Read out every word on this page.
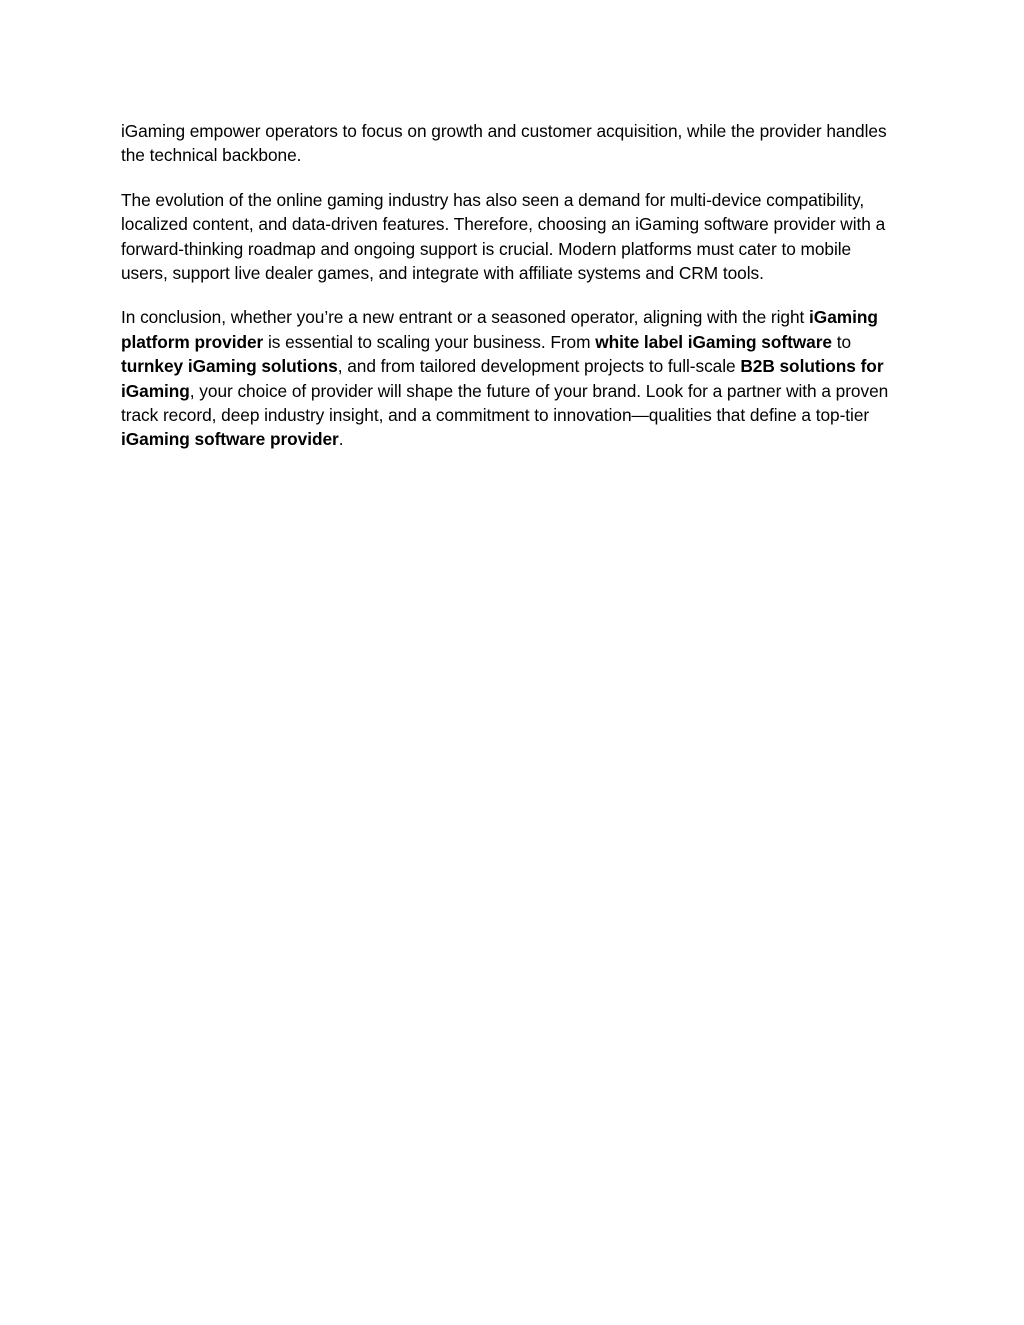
iGaming empower operators to focus on growth and customer acquisition, while the provider handles the technical backbone.

The evolution of the online gaming industry has also seen a demand for multi-device compatibility, localized content, and data-driven features. Therefore, choosing an iGaming software provider with a forward-thinking roadmap and ongoing support is crucial. Modern platforms must cater to mobile users, support live dealer games, and integrate with affiliate systems and CRM tools.

In conclusion, whether you’re a new entrant or a seasoned operator, aligning with the right iGaming platform provider is essential to scaling your business. From white label iGaming software to turnkey iGaming solutions, and from tailored development projects to full-scale B2B solutions for iGaming, your choice of provider will shape the future of your brand. Look for a partner with a proven track record, deep industry insight, and a commitment to innovation—qualities that define a top-tier iGaming software provider.
